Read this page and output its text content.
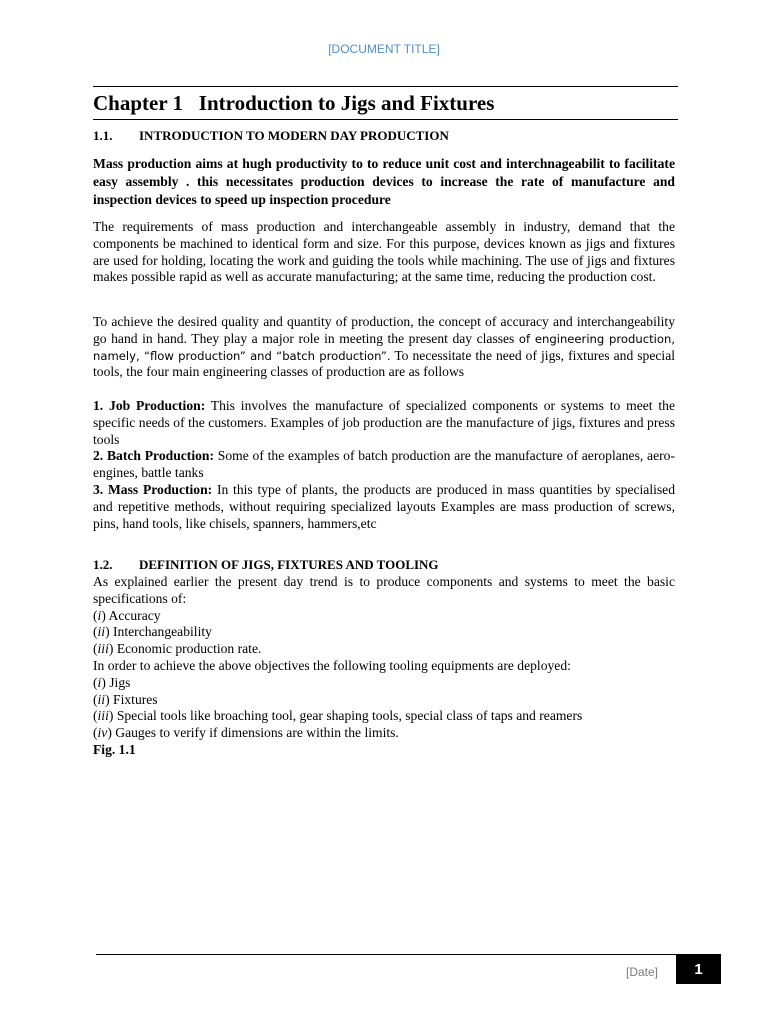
[DOCUMENT TITLE]
Chapter 1   Introduction to Jigs and Fixtures
1.1. INTRODUCTION TO MODERN DAY PRODUCTION
Mass production aims at hugh productivity to to reduce unit cost and interchnageabilit to facilitate easy assembly . this necessitates production devices to increase the rate of manufacture and inspection devices to speed up inspection procedure
The requirements of mass production and interchangeable assembly in industry, demand that the components be machined to identical form and size. For this purpose, devices known as jigs and fixtures are used for holding, locating the work and guiding the tools while machining. The use of jigs and fixtures makes possible rapid as well as accurate manufacturing; at the same time, reducing the production cost.
To achieve the desired quality and quantity of production, the concept of accuracy and interchangeability go hand in hand. They play a major role in meeting the present day classes of engineering production, namely, “flow production” and “batch production”. To necessitate the need of jigs, fixtures and special tools, the four main engineering classes of production are as follows
1. Job Production: This involves the manufacture of specialized components or systems to meet the specific needs of the customers. Examples of job production are the manufacture of jigs, fixtures and press tools
2. Batch Production: Some of the examples of batch production are the manufacture of aeroplanes, aero-engines, battle tanks
3. Mass Production: In this type of plants, the products are produced in mass quantities by specialised and repetitive methods, without requiring specialized layouts Examples are mass production of screws, pins, hand tools, like chisels, spanners, hammers,etc
1.2. DEFINITION OF JIGS, FIXTURES AND TOOLING
As explained earlier the present day trend is to produce components and systems to meet the basic specifications of:
(i) Accuracy
(ii) Interchangeability
(iii) Economic production rate.
In order to achieve the above objectives the following tooling equipments are deployed:
(i) Jigs
(ii) Fixtures
(iii) Special tools like broaching tool, gear shaping tools, special class of taps and reamers
(iv) Gauges to verify if dimensions are within the limits.
Fig. 1.1
[Date]	1
